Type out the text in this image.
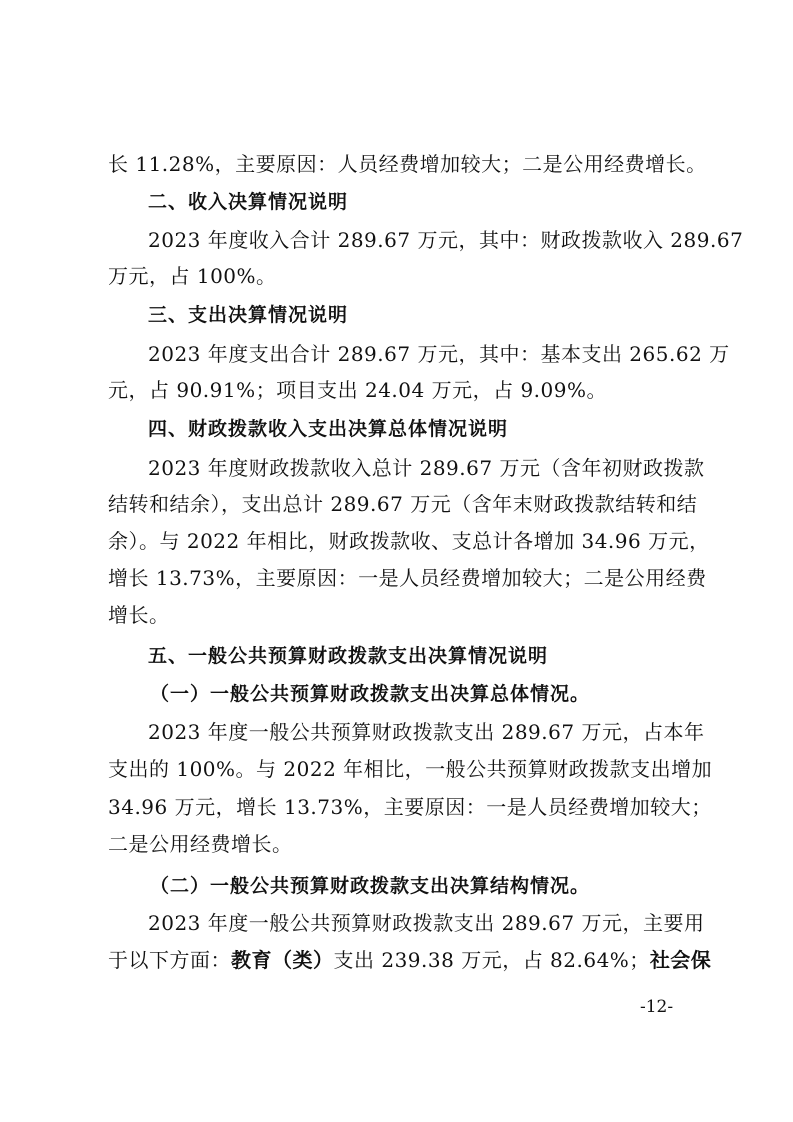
长 11.28%，主要原因：人员经费增加较大；二是公用经费增长。
二、收入决算情况说明
2023 年度收入合计 289.67 万元，其中：财政拨款收入 289.67
万元，占 100%。
三、支出决算情况说明
2023 年度支出合计 289.67 万元，其中：基本支出 265.62 万
元，占 90.91%；项目支出 24.04 万元，占 9.09%。
四、财政拨款收入支出决算总体情况说明
2023 年度财政拨款收入总计 289.67 万元（含年初财政拨款
结转和结余），支出总计 289.67 万元（含年末财政拨款结转和结
余）。与 2022 年相比，财政拨款收、支总计各增加 34.96 万元，
增长 13.73%，主要原因：一是人员经费增加较大；二是公用经费
增长。
五、一般公共预算财政拨款支出决算情况说明
（一）一般公共预算财政拨款支出决算总体情况。
2023 年度一般公共预算财政拨款支出 289.67 万元，占本年
支出的 100%。与 2022 年相比，一般公共预算财政拨款支出增加
34.96 万元，增长 13.73%，主要原因：一是人员经费增加较大；
二是公用经费增长。
（二）一般公共预算财政拨款支出决算结构情况。
2023 年度一般公共预算财政拨款支出 289.67 万元，主要用
于以下方面：教育（类）支出 239.38 万元，占 82.64%；社会保
-12-
